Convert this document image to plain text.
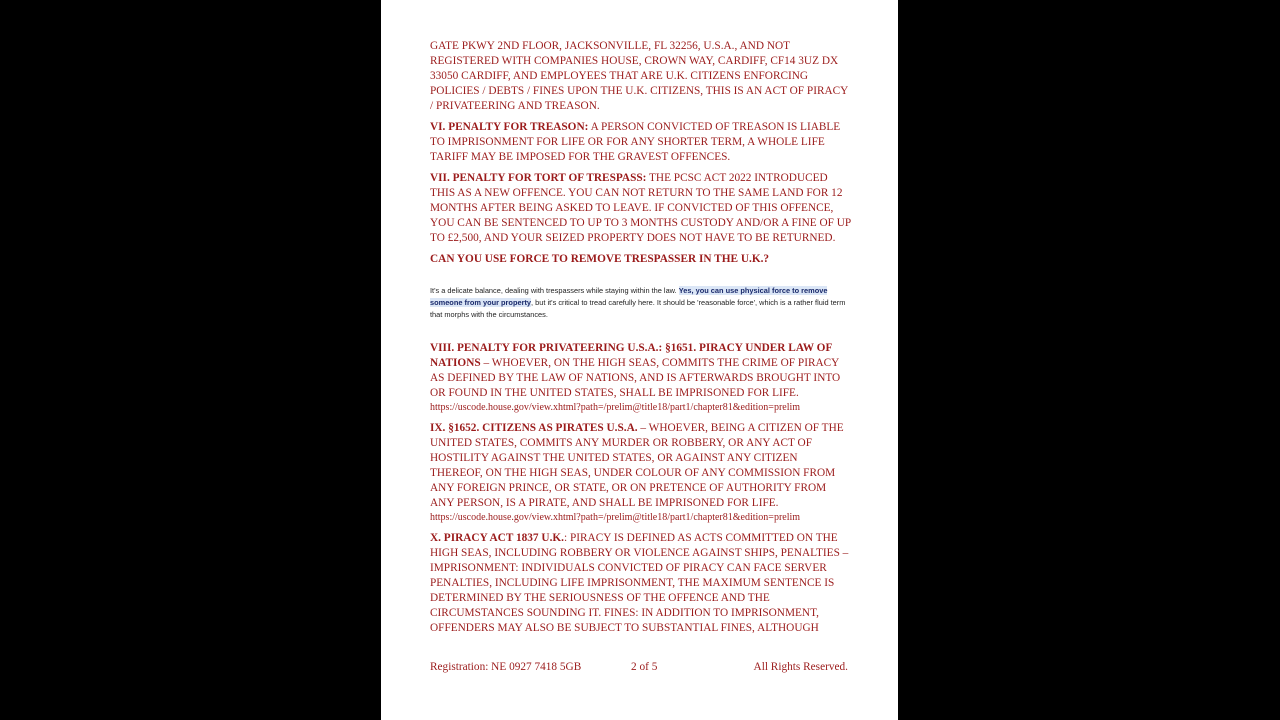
GATE PKWY 2ND FLOOR, JACKSONVILLE, FL 32256, U.S.A., AND NOT REGISTERED WITH COMPANIES HOUSE, CROWN WAY, CARDIFF, CF14 3UZ DX 33050 CARDIFF, AND EMPLOYEES THAT ARE U.K. CITIZENS ENFORCING POLICIES / DEBTS / FINES UPON THE U.K. CITIZENS, THIS IS AN ACT OF PIRACY / PRIVATEERING AND TREASON.

VI. PENALTY FOR TREASON: A PERSON CONVICTED OF TREASON IS LIABLE TO IMPRISONMENT FOR LIFE OR FOR ANY SHORTER TERM, A WHOLE LIFE TARIFF MAY BE IMPOSED FOR THE GRAVEST OFFENCES.

VII. PENALTY FOR TORT OF TRESPASS: THE PCSC ACT 2022 INTRODUCED THIS AS A NEW OFFENCE. YOU CAN NOT RETURN TO THE SAME LAND FOR 12 MONTHS AFTER BEING ASKED TO LEAVE. IF CONVICTED OF THIS OFFENCE, YOU CAN BE SENTENCED TO UP TO 3 MONTHS CUSTODY AND/OR A FINE OF UP TO £2,500, AND YOUR SEIZED PROPERTY DOES NOT HAVE TO BE RETURNED.

CAN YOU USE FORCE TO REMOVE TRESPASSER IN THE U.K.?

It's a delicate balance, dealing with trespassers while staying within the law. Yes, you can use physical force to remove someone from your property, but it's critical to tread carefully here. It should be 'reasonable force', which is a rather fluid term that morphs with the circumstances.

VIII. PENALTY FOR PRIVATEERING U.S.A.: §1651. PIRACY UNDER LAW OF NATIONS – WHOEVER, ON THE HIGH SEAS, COMMITS THE CRIME OF PIRACY AS DEFINED BY THE LAW OF NATIONS, AND IS AFTERWARDS BROUGHT INTO OR FOUND IN THE UNITED STATES, SHALL BE IMPRISONED FOR LIFE.
https://uscode.house.gov/view.xhtml?path=/prelim@title18/part1/chapter81&edition=prelim

IX. §1652. CITIZENS AS PIRATES U.S.A. – WHOEVER, BEING A CITIZEN OF THE UNITED STATES, COMMITS ANY MURDER OR ROBBERY, OR ANY ACT OF HOSTILITY AGAINST THE UNITED STATES, OR AGAINST ANY CITIZEN THEREOF, ON THE HIGH SEAS, UNDER COLOUR OF ANY COMMISSION FROM ANY FOREIGN PRINCE, OR STATE, OR ON PRETENCE OF AUTHORITY FROM ANY PERSON, IS A PIRATE, AND SHALL BE IMPRISONED FOR LIFE.
https://uscode.house.gov/view.xhtml?path=/prelim@title18/part1/chapter81&edition=prelim

X. PIRACY ACT 1837 U.K.: PIRACY IS DEFINED AS ACTS COMMITTED ON THE HIGH SEAS, INCLUDING ROBBERY OR VIOLENCE AGAINST SHIPS, PENALTIES – IMPRISONMENT: INDIVIDUALS CONVICTED OF PIRACY CAN FACE SERVER PENALTIES, INCLUDING LIFE IMPRISONMENT, THE MAXIMUM SENTENCE IS DETERMINED BY THE SERIOUSNESS OF THE OFFENCE AND THE CIRCUMSTANCES SOUNDING IT. FINES: IN ADDITION TO IMPRISONMENT, OFFENDERS MAY ALSO BE SUBJECT TO SUBSTANTIAL FINES, ALTHOUGH

Registration: NE 0927 7418 5GB	2 of 5	All Rights Reserved.
